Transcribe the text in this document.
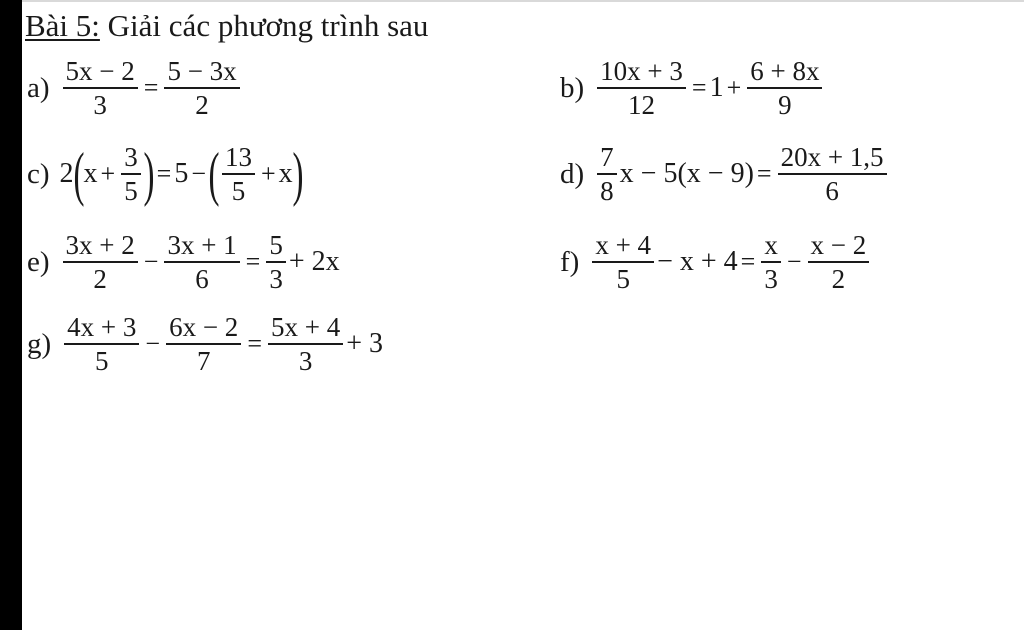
Bài 5: Giải các phương trình sau
$a) \frac{5x - 2}{3} = \frac{5 - 3x}{2}$	$b) \frac{10x + 3}{12} = 1 + \frac{6 + 8x}{9}$
c) 2 ( $x + \frac{3}{5}$ ) = 5 − ( $\frac{13}{5} + x$ )	$d) \frac{7}{8}$ $x - 5(x - 9) = \frac{20x + 1,5}{6}$
$e) \frac{3x + 2}{2} - \frac{3x + 1}{6} = \frac{5}{3} + 2x$	$f) \frac{x + 4}{5} - x + 4 = \frac{x}{3} - \frac{x - 2}{2}$
$g) \frac{4x + 3}{5} - \frac{6x - 2}{7} = \frac{5x + 4}{3} + 3$
